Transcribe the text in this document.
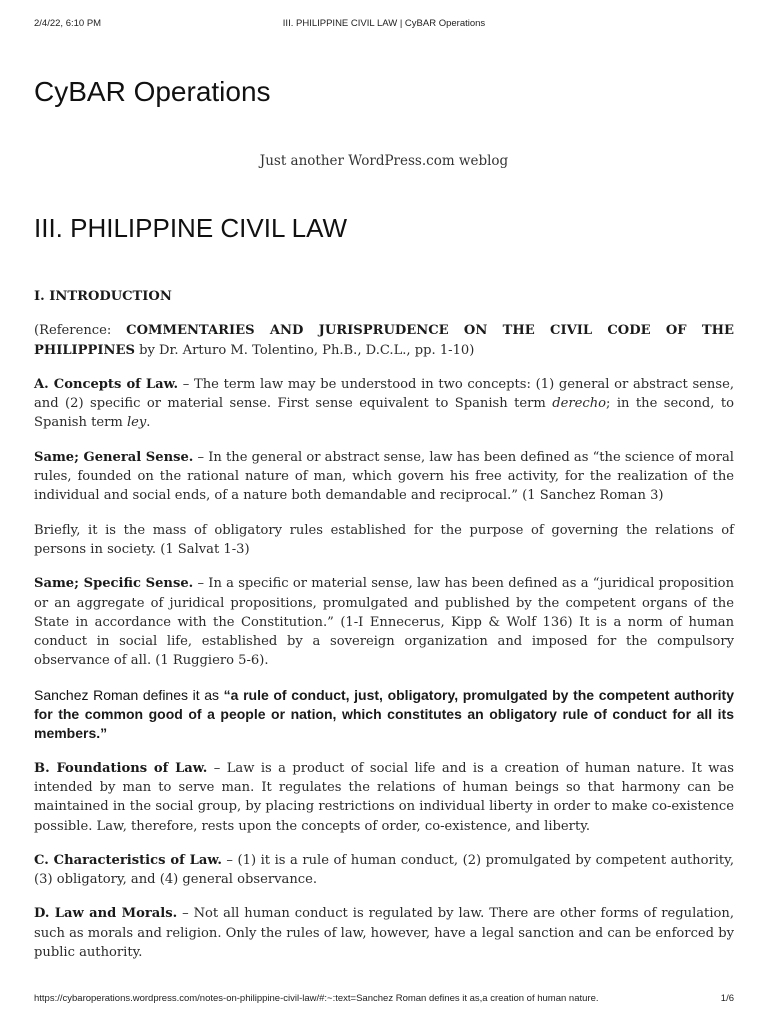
2/4/22, 6:10 PM	III. PHILIPPINE CIVIL LAW | CyBAR Operations
CyBAR Operations
Just another WordPress.com weblog
III. PHILIPPINE CIVIL LAW

I. INTRODUCTION

(Reference: COMMENTARIES AND JURISPRUDENCE ON THE CIVIL CODE OF THE PHILIPPINES by Dr. Arturo M. Tolentino, Ph.B., D.C.L., pp. 1-10)

A. Concepts of Law. – The term law may be understood in two concepts: (1) general or abstract sense, and (2) specific or material sense. First sense equivalent to Spanish term derecho; in the second, to Spanish term ley.

Same; General Sense. – In the general or abstract sense, law has been defined as “the science of moral rules, founded on the rational nature of man, which govern his free activity, for the realization of the individual and social ends, of a nature both demandable and reciprocal.” (1 Sanchez Roman 3)

Briefly, it is the mass of obligatory rules established for the purpose of governing the relations of persons in society. (1 Salvat 1-3)

Same; Specific Sense. – In a specific or material sense, law has been defined as a “juridical proposition or an aggregate of juridical propositions, promulgated and published by the competent organs of the State in accordance with the Constitution.” (1-I Ennecerus, Kipp & Wolf 136) It is a norm of human conduct in social life, established by a sovereign organization and imposed for the compulsory observance of all. (1 Ruggiero 5-6).

Sanchez Roman defines it as “a rule of conduct, just, obligatory, promulgated by the competent authority for the common good of a people or nation, which constitutes an obligatory rule of conduct for all its members.”

B. Foundations of Law. – Law is a product of social life and is a creation of human nature. It was intended by man to serve man. It regulates the relations of human beings so that harmony can be maintained in the social group, by placing restrictions on individual liberty in order to make co-existence possible. Law, therefore, rests upon the concepts of order, co-existence, and liberty.

C. Characteristics of Law. – (1) it is a rule of human conduct, (2) promulgated by competent authority, (3) obligatory, and (4) general observance.

D. Law and Morals. – Not all human conduct is regulated by law. There are other forms of regulation, such as morals and religion. Only the rules of law, however, have a legal sanction and can be enforced by public authority.

https://cybaroperations.wordpress.com/notes-on-philippine-civil-law/#:~:text=Sanchez Roman defines it as,a creation of human nature.	1/6
